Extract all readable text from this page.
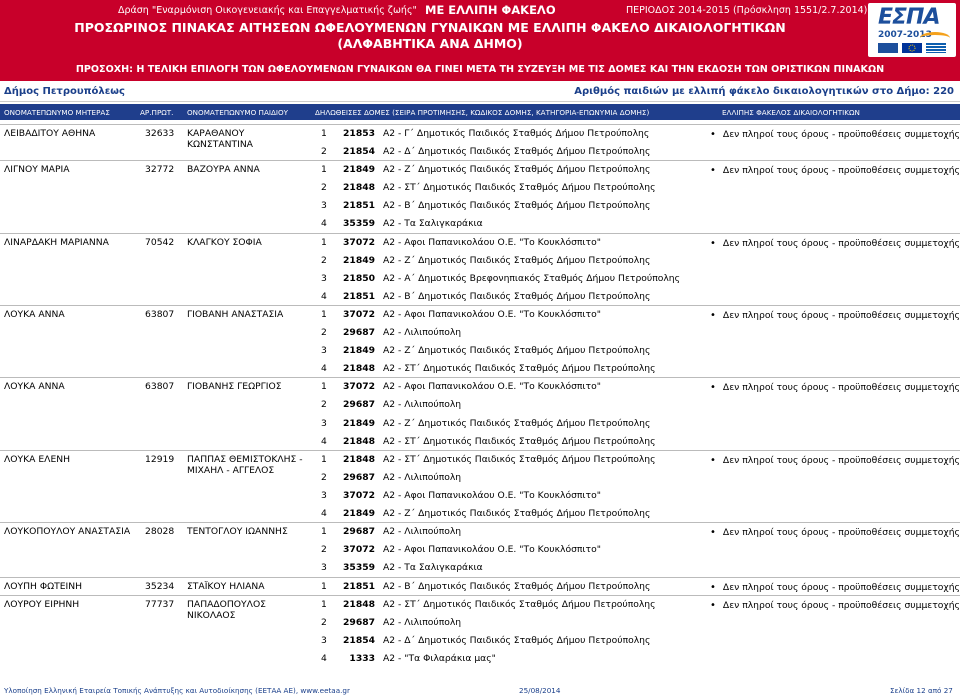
Δράση "Εναρμόνιση Οικογενειακής και Επαγγελματικής ζωής" ΜΕ ΕΛΛΙΠΗ ΦΑΚΕΛΟ	ΠΕΡΙΟΔΟΣ 2014-2015 (Πρόσκληση 1551/2.7.2014)
ΠΡΟΣΩΡΙΝΟΣ ΠΙΝΑΚΑΣ ΑΙΤΗΣΕΩΝ ΩΦΕΛΟΥΜΕΝΩΝ ΓΥΝΑΙΚΩΝ ΜΕ ΕΛΛΙΠΗ ΦΑΚΕΛΟ ΔΙΚΑΙΟΛΟΓΗΤΙΚΩΝ
(ΑΛΦΑΒΗΤΙΚΑ ΑΝΑ ΔΗΜΟ)
ΕΣΠΑ
2007-2013
ΠΡΟΣΟΧΗ: Η ΤΕΛΙΚΗ ΕΠΙΛΟΓΗ ΤΩΝ ΩΦΕΛΟΥΜΕΝΩΝ ΓΥΝΑΙΚΩΝ ΘΑ ΓΙΝΕΙ ΜΕΤΑ ΤΗ ΣΥΖΕΥΞΗ ΜΕ ΤΙΣ ΔΟΜΕΣ ΚΑΙ ΤΗΝ ΕΚΔΟΣΗ ΤΩΝ ΟΡΙΣΤΙΚΩΝ ΠΙΝΑΚΩΝ
Δήμος Πετρουπόλεως	Αριθμός παιδιών με ελλιπή φάκελο δικαιολογητικών στο Δήμο: 220
ΟΝΟΜΑΤΕΠΩΝΥΜΟ ΜΗΤΕΡΑΣ	ΑΡ.ΠΡΩΤ. ΟΝΟΜΑΤΕΠΩΝΥΜΟ ΠΑΙΔΙΟΥ	ΔΗΛΩΘΕΙΣΕΣ ΔΟΜΕΣ (ΣΕΙΡΑ ΠΡΟΤΙΜΗΣΗΣ, ΚΩΔΙΚΟΣ ΔΟΜΗΣ, ΚΑΤΗΓΟΡΙΑ-ΕΠΩΝΥΜΙΑ ΔΟΜΗΣ)	ΕΛΛΙΠΗΣ ΦΑΚΕΛΟΣ ΔΙΚΑΙΟΛΟΓΗΤΙΚΩΝ
ΛΕΙΒΑΔΙΤΟΥ ΑΘΗΝΑ	32633 ΚΑΡΑΘΑΝΟΥ ΚΩΝΣΤΑΝΤΙΝΑ
1	21853 Α2 - Γ΄ Δημοτικός Παιδικός Σταθμός Δήμου Πετρούπολης
2	21854 Α2 - Δ΄ Δημοτικός Παιδικός Σταθμός Δήμου Πετρούπολης
• Δεν πληροί τους όρους - προϋποθέσεις συμμετοχής
ΛΙΓΝΟΥ ΜΑΡΙΑ	32772 ΒΑΖΟΥΡΑ ΑΝΝΑ	1	21849 Α2 - Ζ΄ Δημοτικός Παιδικός Σταθμός Δήμου Πετρούπολης
2	21848 Α2 - ΣΤ΄ Δημοτικός Παιδικός Σταθμός Δήμου Πετρούπολης
3	21851 Α2 - Β΄ Δημοτικός Παιδικός Σταθμός Δήμου Πετρούπολης
4	35359 Α2 - Τα Σαλιγκαράκια
• Δεν πληροί τους όρους - προϋποθέσεις συμμετοχής
ΛΙΝΑΡΔΑΚΗ ΜΑΡΙΑΝΝΑ	70542 ΚΛΑΓΚΟΥ ΣΟΦΙΑ	1	37072 Α2 - Αφοι Παπανικολάου Ο.Ε. "Το Κουκλόσπιτο"
2	21849 Α2 - Ζ΄ Δημοτικός Παιδικός Σταθμός Δήμου Πετρούπολης
3	21850 Α2 - Α΄ Δημοτικός Βρεφονηπιακός Σταθμός Δήμου Πετρούπολης
4	21851 Α2 - Β΄ Δημοτικός Παιδικός Σταθμός Δήμου Πετρούπολης
• Δεν πληροί τους όρους - προϋποθέσεις συμμετοχής
ΛΟΥΚΑ ΑΝΝΑ	63807 ΓΙΟΒΑΝΗ ΑΝΑΣΤΑΣΙΑ	1	37072 Α2 - Αφοι Παπανικολάου Ο.Ε. "Το Κουκλόσπιτο"
2	29687 Α2 - Λιλιπούπολη
3	21849 Α2 - Ζ΄ Δημοτικός Παιδικός Σταθμός Δήμου Πετρούπολης
4	21848 Α2 - ΣΤ΄ Δημοτικός Παιδικός Σταθμός Δήμου Πετρούπολης
• Δεν πληροί τους όρους - προϋποθέσεις συμμετοχής
ΛΟΥΚΑ ΑΝΝΑ	63807 ΓΙΟΒΑΝΗΣ ΓΕΩΡΓΙΟΣ	1	37072 Α2 - Αφοι Παπανικολάου Ο.Ε. "Το Κουκλόσπιτο"
2	29687 Α2 - Λιλιπούπολη
3	21849 Α2 - Ζ΄ Δημοτικός Παιδικός Σταθμός Δήμου Πετρούπολης
4	21848 Α2 - ΣΤ΄ Δημοτικός Παιδικός Σταθμός Δήμου Πετρούπολης
• Δεν πληροί τους όρους - προϋποθέσεις συμμετοχής
ΛΟΥΚΑ ΕΛΕΝΗ	12919 ΠΑΠΠΑΣ ΘΕΜΙΣΤΟΚΛΗΣ - ΜΙΧΑΗΛ - ΑΓΓΕΛΟΣ
1	21848 Α2 - ΣΤ΄ Δημοτικός Παιδικός Σταθμός Δήμου Πετρούπολης
2	29687 Α2 - Λιλιπούπολη
3	37072 Α2 - Αφοι Παπανικολάου Ο.Ε. "Το Κουκλόσπιτο"
4	21849 Α2 - Ζ΄ Δημοτικός Παιδικός Σταθμός Δήμου Πετρούπολης
• Δεν πληροί τους όρους - προϋποθέσεις συμμετοχής
ΛΟΥΚΟΠΟΥΛΟΥ ΑΝΑΣΤΑΣΙΑ 28028 ΤΕΝΤΟΓΛΟΥ ΙΩΑΝΝΗΣ	1	29687 Α2 - Λιλιπούπολη
2	37072 Α2 - Αφοι Παπανικολάου Ο.Ε. "Το Κουκλόσπιτο"
3	35359 Α2 - Τα Σαλιγκαράκια
• Δεν πληροί τους όρους - προϋποθέσεις συμμετοχής
ΛΟΥΠΗ ΦΩΤΕΙΝΗ	35234 ΣΤΑΪΚΟΥ ΗΛΙΑΝΑ	1	21851 Α2 - Β΄ Δημοτικός Παιδικός Σταθμός Δήμου Πετρούπολης
•	Δεν πληροί τους όρους - προϋποθέσεις συμμετοχής
ΛΟΥΡΟΥ ΕΙΡΗΝΗ	77737 ΠΑΠΑΔΟΠΟΥΛΟΣ ΝΙΚΟΛΑΟΣ
1	21848 Α2 - ΣΤ΄ Δημοτικός Παιδικός Σταθμός Δήμου Πετρούπολης
2	29687 Α2 - Λιλιπούπολη
3	21854 Α2 - Δ΄ Δημοτικός Παιδικός Σταθμός Δήμου Πετρούπολης
4	1333 Α2 - "Τα Φιλαράκια μας"
• Δεν πληροί τους όρους - προϋποθέσεις συμμετοχής
Υλοποίηση Ελληνική Εταιρεία Τοπικής Ανάπτυξης και Αυτοδιοίκησης (ΕΕΤΑΑ ΑΕ), www.eetaa.gr	25/08/2014	Σελίδα 12 από 27
